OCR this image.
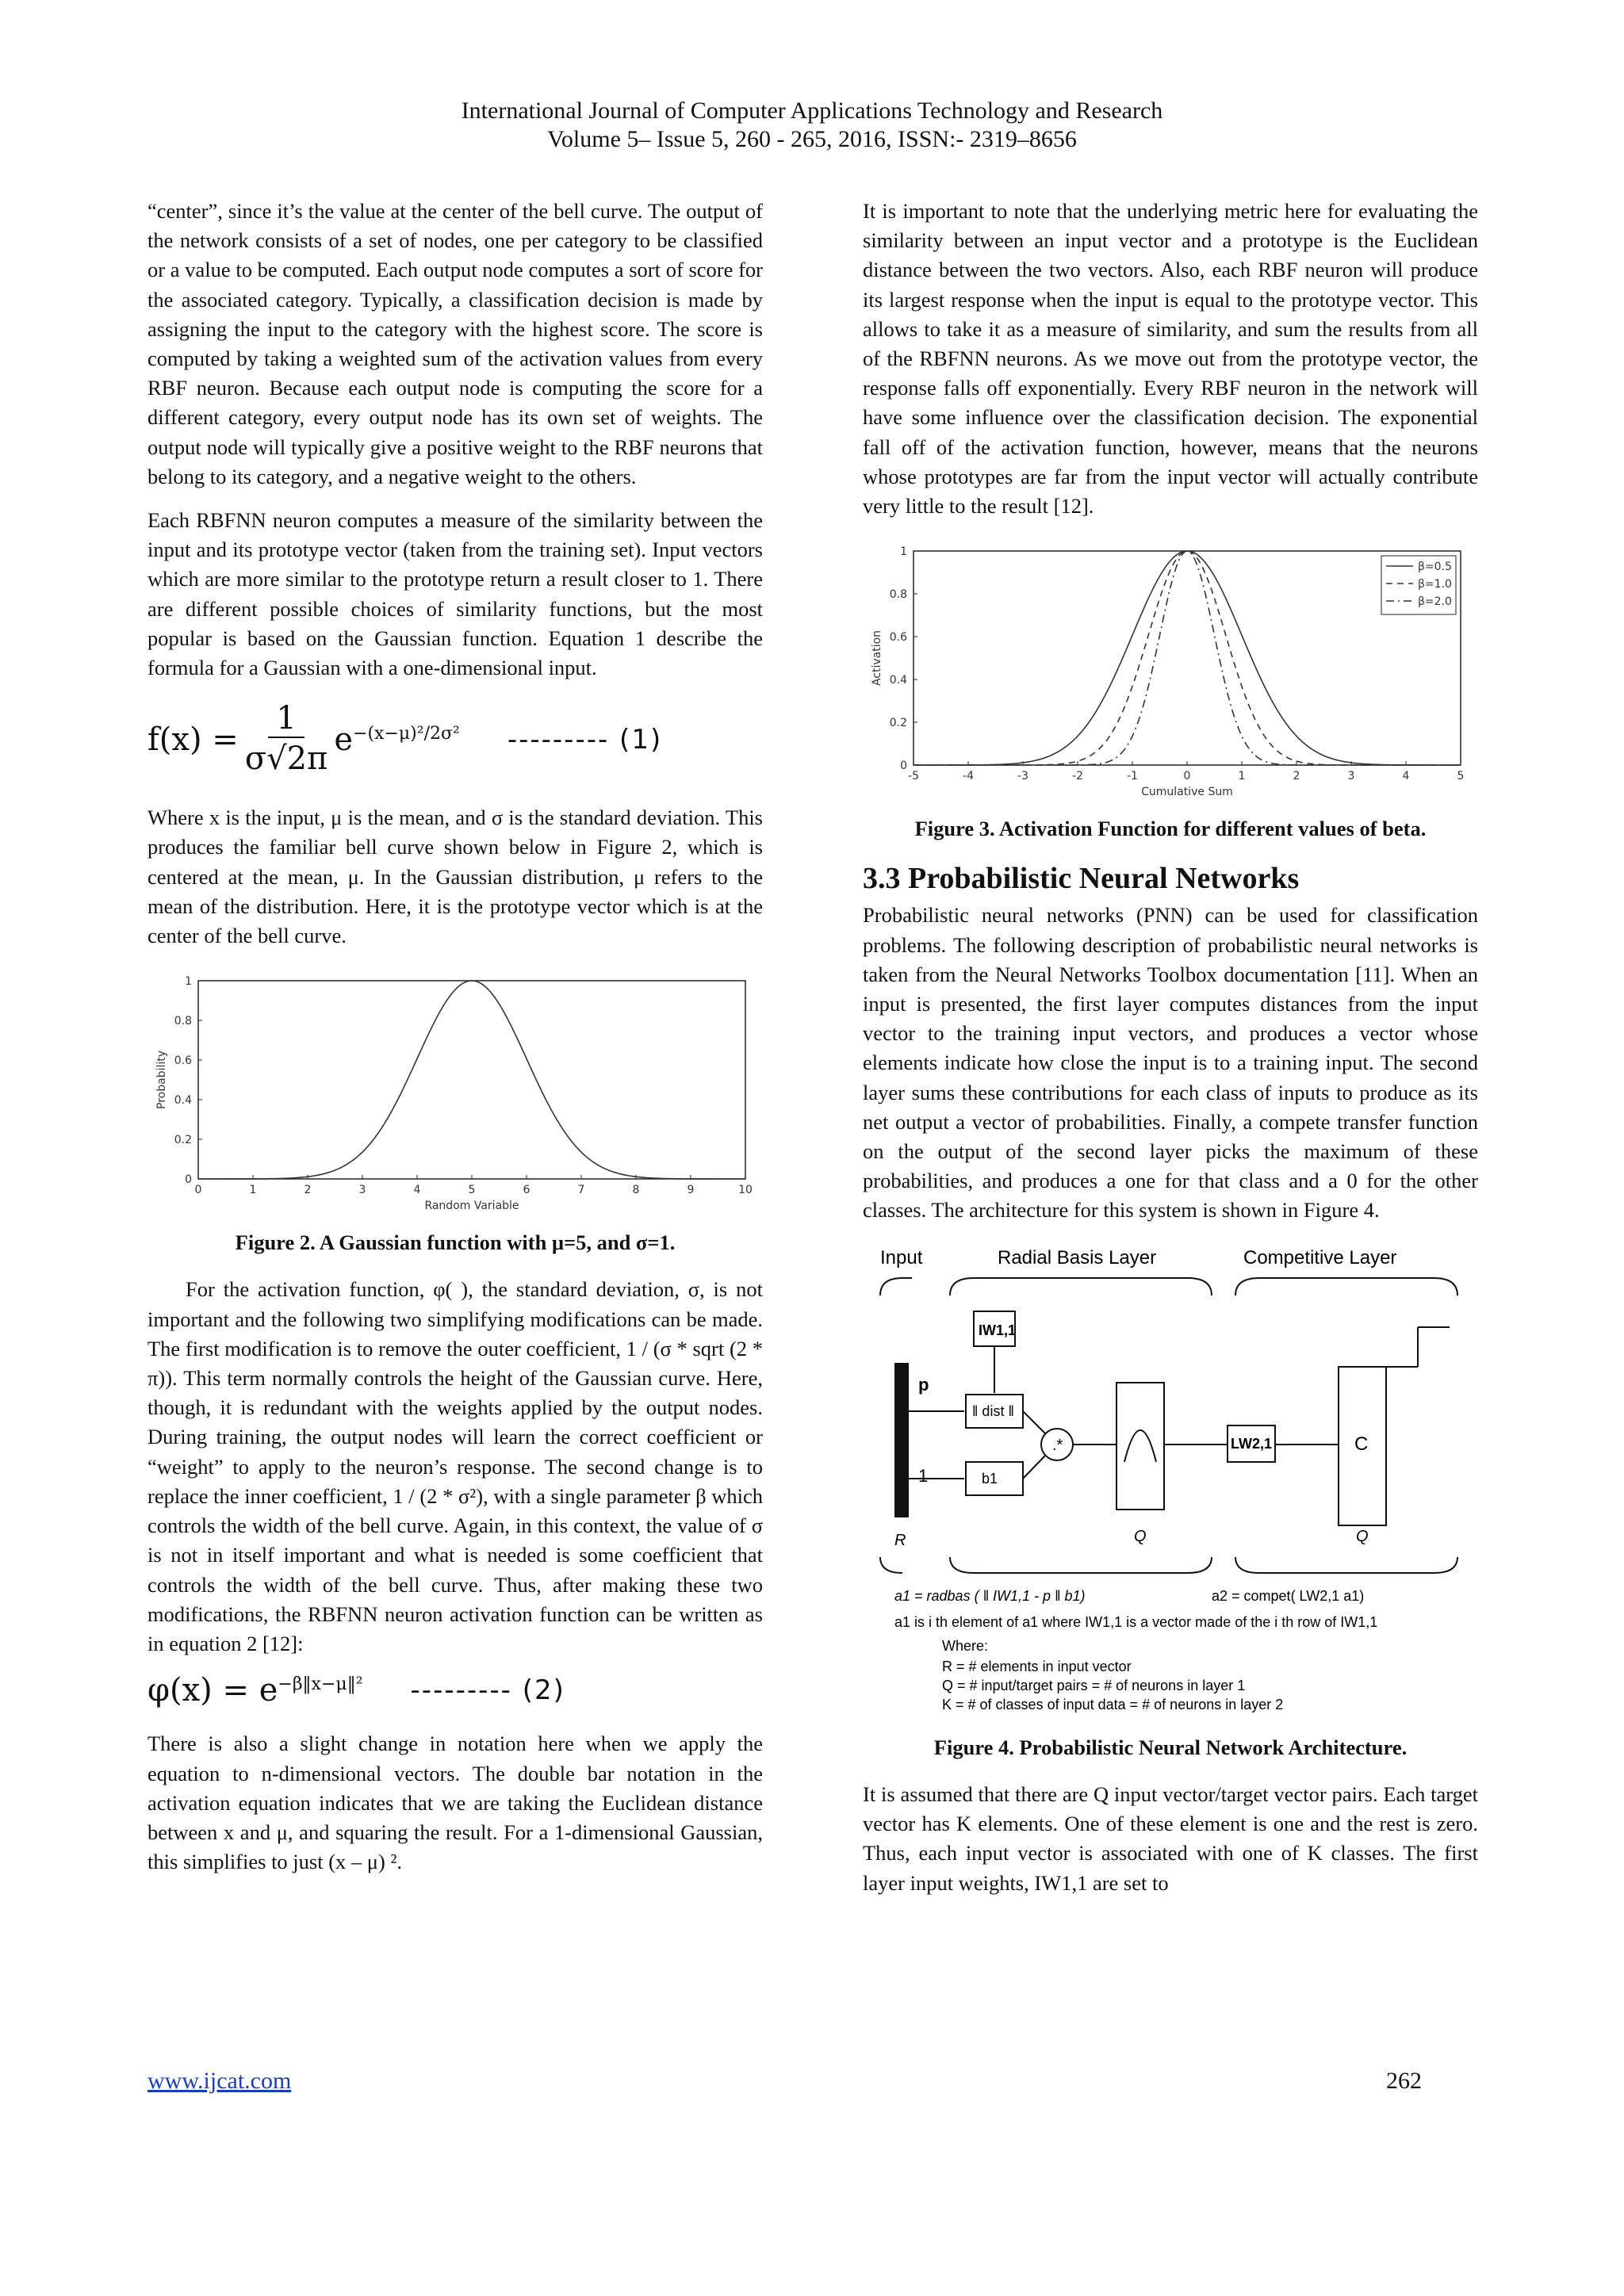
International Journal of Computer Applications Technology and Research
Volume 5– Issue 5, 260 - 265, 2016, ISSN:- 2319–8656

“center”, since it’s the value at the center of the bell curve. The output of the network consists of a set of nodes, one per category to be classified or a value to be computed. Each output node computes a sort of score for the associated category. Typically, a classification decision is made by assigning the input to the category with the highest score. The score is computed by taking a weighted sum of the activation values from every RBF neuron. Because each output node is computing the score for a different category, every output node has its own set of weights. The output node will typically give a positive weight to the RBF neurons that belong to its category, and a negative weight to the others.

Each RBFNN neuron computes a measure of the similarity between the input and its prototype vector (taken from the training set). Input vectors which are more similar to the prototype return a result closer to 1. There are different possible choices of similarity functions, but the most popular is based on the Gaussian function. Equation 1 describe the formula for a Gaussian with a one-dimensional input.

$f(x) = \frac{1}{\sigma√2\pi} e^{-(x-\mu)^2/2\sigma^2}$ --------- (1)

Where x is the input, μ is the mean, and σ is the standard deviation. This produces the familiar bell curve shown below in Figure 2, which is centered at the mean, μ. In the Gaussian distribution, μ refers to the mean of the distribution. Here, it is the prototype vector which is at the center of the bell curve.

0	1	2	3	4	5	6	7	8	9	10
0
0.2
0.4
0.6
0.8
1
Random Variable
Probability
Figure 2. A Gaussian function with μ=5, and σ=1.

For the activation function, φ( ), the standard deviation, σ, is not important and the following two simplifying modifications can be made. The first modification is to remove the outer coefficient, 1 / (σ * sqrt (2 * π)). This term normally controls the height of the Gaussian curve. Here, though, it is redundant with the weights applied by the output nodes. During training, the output nodes will learn the correct coefficient or “weight” to apply to the neuron’s response. The second change is to replace the inner coefficient, 1 / (2 * σ²), with a single parameter β which controls the width of the bell curve. Again, in this context, the value of σ is not in itself important and what is needed is some coefficient that controls the width of the bell curve. Thus, after making these two modifications, the RBFNN neuron activation function can be written as in equation 2 [12]:

$\varphi(x) = e^{-\beta‖x-\mu‖^2}$ --------- (2)

There is also a slight change in notation here when we apply the equation to n-dimensional vectors. The double bar notation in the activation equation indicates that we are taking the Euclidean distance between x and μ, and squaring the result. For a 1-dimensional Gaussian, this simplifies to just (x – μ) ².

It is important to note that the underlying metric here for evaluating the similarity between an input vector and a prototype is the Euclidean distance between the two vectors. Also, each RBF neuron will produce its largest response when the input is equal to the prototype vector. This allows to take it as a measure of similarity, and sum the results from all of the RBFNN neurons. As we move out from the prototype vector, the response falls off exponentially. Every RBF neuron in the network will have some influence over the classification decision. The exponential fall off of the activation function, however, means that the neurons whose prototypes are far from the input vector will actually contribute very little to the result [12].

-5	-4	-3	-2	-1	0	1	2	3	4	5
0
0.2
0.4
0.6
0.8
1
Cumulative Sum
Activation
β=0.5
β=1.0
β=2.0
Figure 3. Activation Function for different values of beta.
3.3 Probabilistic Neural Networks

Probabilistic neural networks (PNN) can be used for classification problems. The following description of probabilistic neural networks is taken from the Neural Networks Toolbox documentation [11]. When an input is presented, the first layer computes distances from the input vector to the training input vectors, and produces a vector whose elements indicate how close the input is to a training input. The second layer sums these contributions for each class of inputs to produce as its net output a vector of probabilities. Finally, a compete transfer function on the output of the second layer picks the maximum of these probabilities, and produces a one for that class and a 0 for the other classes. The architecture for this system is shown in Figure 4.

Input	Radial Basis Layer	Competitive Layer
p
R
1
IW1,1
‖ dist ‖
b1
.*
Q
LW2,1	C
Q
a1 = radbas ( ‖ IW1,1 - p ‖ b1)	a2 = compet( LW2,1 a1)
a1 is i th element of a1 where IW1,1 is a vector made of the i th row of IW1,1
Where:
R = # elements in input vector
Q = # input/target pairs = # of neurons in layer 1
K = # of classes of input data = # of neurons in layer 2
Figure 4. Probabilistic Neural Network Architecture.

It is assumed that there are Q input vector/target vector pairs. Each target vector has K elements. One of these element is one and the rest is zero. Thus, each input vector is associated with one of K classes. The first layer input weights, IW1,1 are set to

www.ijcat.com	262
